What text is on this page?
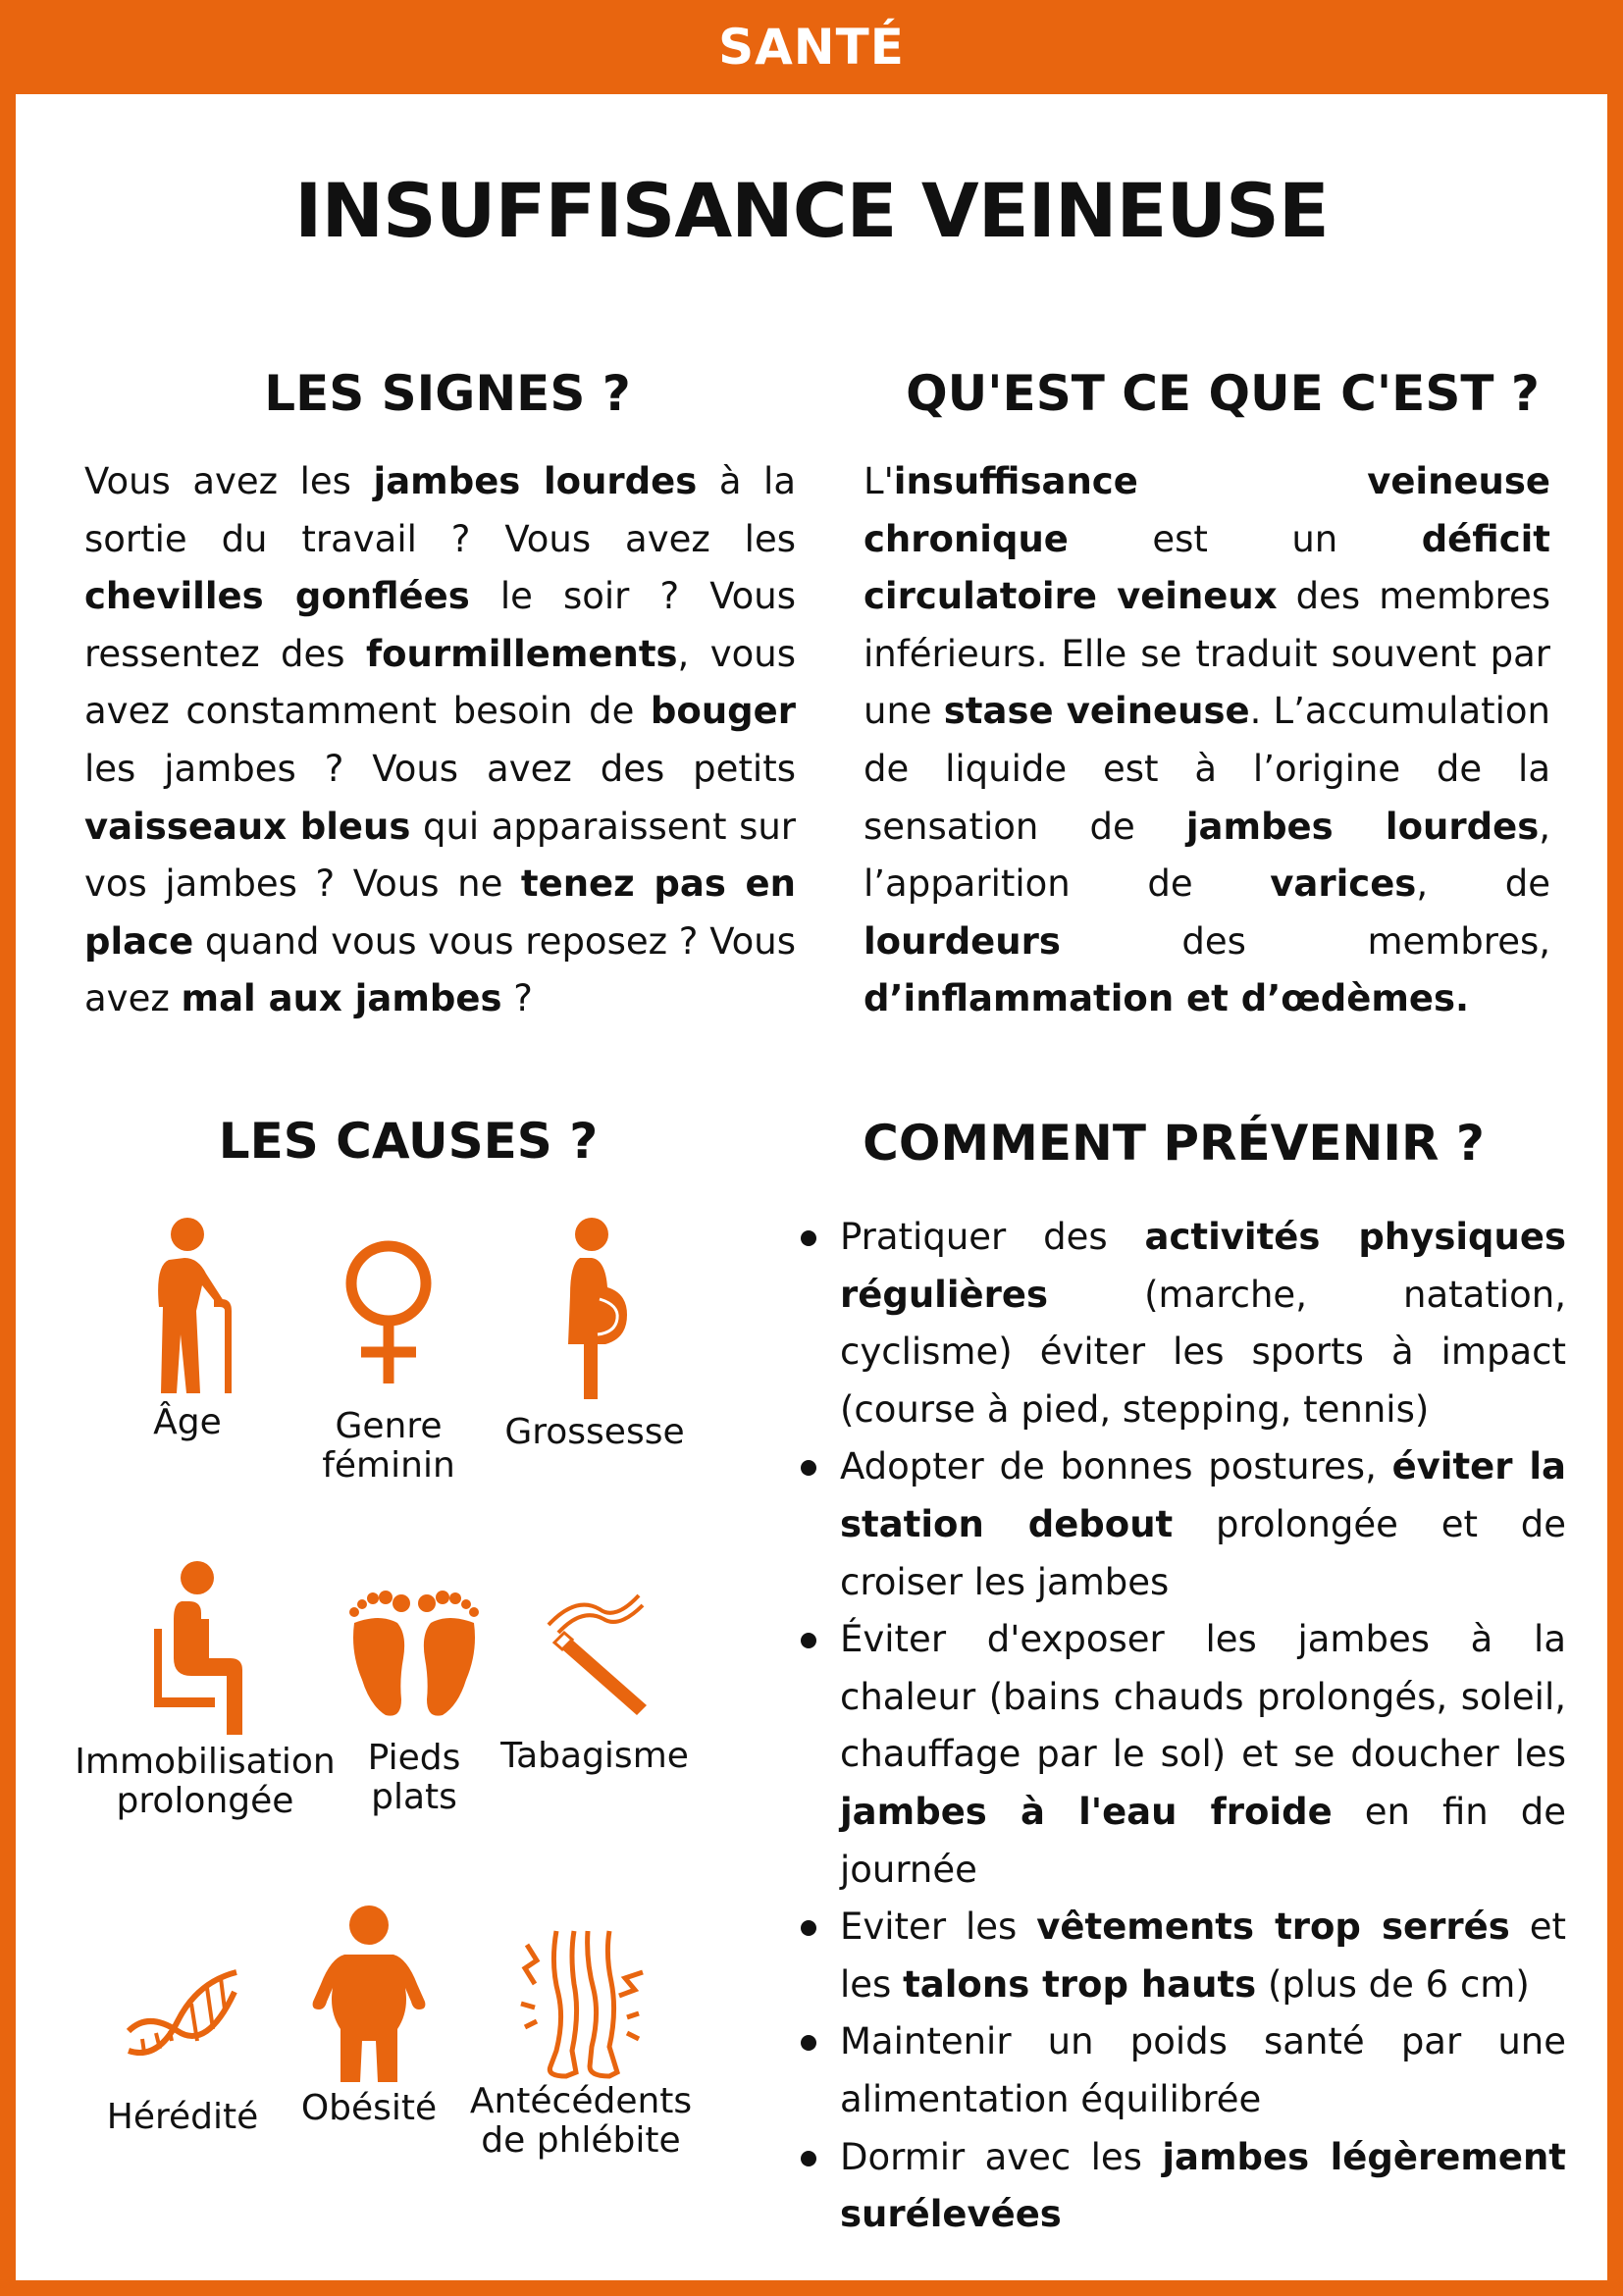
SANTÉ
INSUFFISANCE VEINEUSE
LES SIGNES ?

Vous avez les jambes lourdes à la sortie du travail ? Vous avez les chevilles gonflées le soir ? Vous ressentez des fourmillements, vous avez constamment besoin de bouger les jambes ? Vous avez des petits vaisseaux bleus qui apparaissent sur vos jambes ? Vous ne tenez pas en place quand vous vous reposez ? Vous avez mal aux jambes ?

QU'EST CE QUE C'EST ?

L'insuffisance veineuse chronique est un déficit circulatoire veineux des membres inférieurs. Elle se traduit souvent par une stase veineuse. L’accumulation de liquide est à l’origine de la sensation de jambes lourdes, l’apparition de varices, de lourdeurs des membres, d’inflammation et d’œdèmes.

LES CAUSES ?
Âge	Genre
féminin
Grossesse
Immobilisation
prolongée
Pieds
plats
Tabagisme
Hérédité	Obésité Antécédents
de phlébite
COMMENT PRÉVENIR ?
Pratiquer des activités physiques régulières (marche, natation, cyclisme) éviter les sports à impact (course à pied, stepping, tennis)
Adopter de bonnes postures, éviter la station debout prolongée et de croiser les jambes
Éviter d'exposer les jambes à la chaleur (bains chauds prolongés, soleil, chauffage par le sol) et se doucher les jambes à l'eau froide en fin de journée
Eviter les vêtements trop serrés et les talons trop hauts (plus de 6 cm)
Maintenir un poids santé par une alimentation équilibrée
Dormir avec les jambes légèrement surélevées
